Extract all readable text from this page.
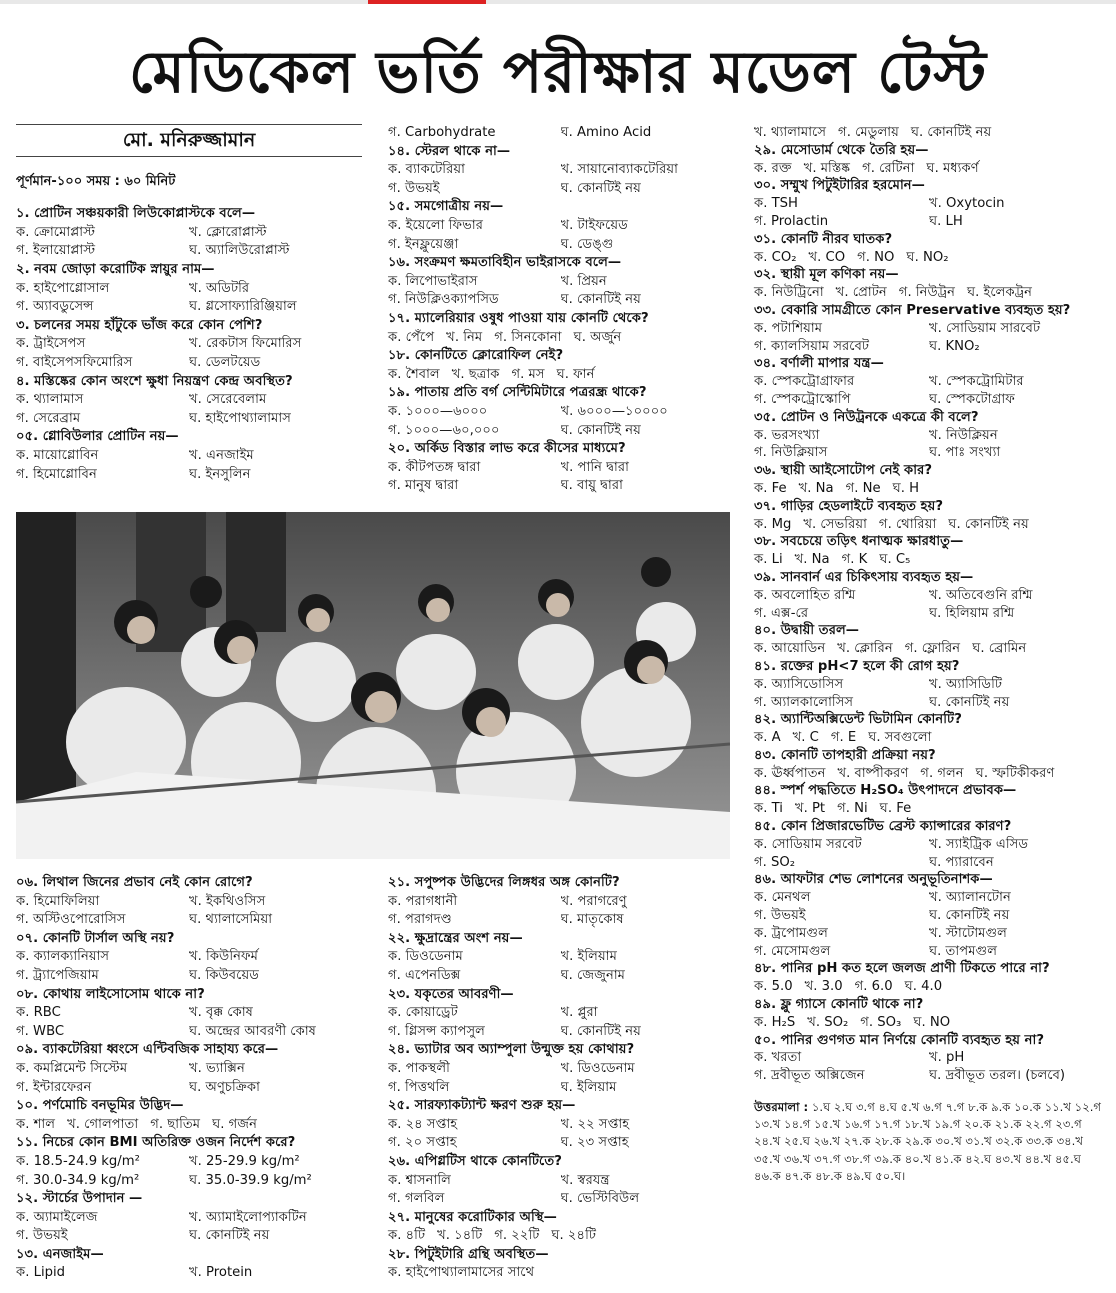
মেডিকেল ভর্তি পরীক্ষার মডেল টেস্ট
মো. মনিরুজ্জামান
পূর্ণমান-১০০ সময় : ৬০ মিনিট
১. প্রোটিন সঞ্চয়কারী লিউকোপ্লাস্টকে বলে—
ক. ক্রোমোপ্লাস্ট	খ. ক্লোরোপ্লাস্ট
গ. ইলায়োপ্লাস্ট	ঘ. অ্যালিউরোপ্লাস্ট
২. নবম জোড়া করোটিক স্নায়ুর নাম—
ক. হাইপোগ্লোসাল	খ. অডিটরি
গ. অ্যাবডুসেন্স	ঘ. গ্লসোফ্যারিঞ্জিয়াল
৩. চলনের সময় হাঁটুকে ভাঁজ করে কোন পেশি?
ক. ট্রাইসেপস	খ. রেকটাস ফিমোরিস
গ. বাইসেপসফিমোরিস	ঘ. ডেলটয়েড
৪. মস্তিষ্কের কোন অংশে ক্ষুধা নিয়ন্ত্রণ কেন্দ্র অবস্থিত?
ক. থ্যালামাস	খ. সেরেবেলাম
গ. সেরেব্রাম	ঘ. হাইপোথ্যালামাস
০৫. গ্লোবিউলার প্রোটিন নয়—
ক. মায়োগ্লোবিন	খ. এনজাইম
গ. হিমোগ্লোবিন	ঘ. ইনসুলিন
গ. Carbohydrate	ঘ. Amino Acid
১৪. স্টেরল থাকে না—
ক. ব্যাকটেরিয়া	খ. সায়ানোব্যাকটেরিয়া
গ. উভয়ই	ঘ. কোনটিই নয়
১৫. সমগোত্রীয় নয়—
ক. ইয়েলো ফিভার	খ. টাইফয়েড
গ. ইনফ্লুয়েঞ্জা	ঘ. ডেঙ্গু
১৬. সংক্রমণ ক্ষমতাবিহীন ভাইরাসকে বলে—
ক. লিপোভাইরাস	খ. প্রিয়ন
গ. নিউক্লিওক্যাপসিড	ঘ. কোনটিই নয়
১৭. ম্যালেরিয়ার ওষুধ পাওয়া যায় কোনটি থেকে?
ক. পেঁপে খ. নিম গ. সিনকোনা ঘ. অর্জুন
১৮. কোনটিতে ক্লোরোফিল নেই?
ক. শৈবাল খ. ছত্রাক গ. মস ঘ. ফার্ন
১৯. পাতায় প্রতি বর্গ সেন্টিমিটারে পত্ররন্ধ্র থাকে?
ক. ১০০০—৬০০০	খ. ৬০০০—১০০০০
গ. ১০০০—৬০,০০০	ঘ. কোনটিই নয়
২০. অর্কিড বিস্তার লাভ করে কীসের মাধ্যমে?
ক. কীটপতঙ্গ দ্বারা	খ. পানি দ্বারা
গ. মানুষ দ্বারা	ঘ. বায়ু দ্বারা
খ. থ্যালামাসে গ. মেডুলায় ঘ. কোনটিই নয়
২৯. মেসোডার্ম থেকে তৈরি হয়—
ক. রক্ত খ. মস্তিষ্ক গ. রেটিনা ঘ. মধ্যকর্ণ
৩০. সম্মুখ পিটুইটারির হরমোন—
ক. TSH	খ. Oxytocin
গ. Prolactin	ঘ. LH
৩১. কোনটি নীরব ঘাতক?
ক. CO₂ খ. CO গ. NO ঘ. NO₂
৩২. স্থায়ী মূল কণিকা নয়—
ক. নিউট্রিনো খ. প্রোটন গ. নিউট্রন ঘ. ইলেকট্রন
৩৩. বেকারি সামগ্রীতে কোন Preservative ব্যবহৃত হয়?
ক. পটাশিয়াম	খ. সোডিয়াম সারবেট
গ. ক্যালসিয়াম সরবেট	ঘ. KNO₂
৩৪. বর্ণালী মাপার যন্ত্র—
ক. স্পেকট্রোগ্রাফার	খ. স্পেকট্রোমিটার
গ. স্পেকট্রোস্কোপি	ঘ. স্পেকটোগ্রাফ
৩৫. প্রোটন ও নিউট্রনকে একত্রে কী বলে?
ক. ভরসংখ্যা	খ. নিউক্লিয়ন
গ. নিউক্লিয়াস	ঘ. পাঃ সংখ্যা
৩৬. স্থায়ী আইসোটোপ নেই কার?
ক. Fe খ. Na গ. Ne ঘ. H
৩৭. গাড়ির হেডলাইটে ব্যবহৃত হয়?
ক. Mg খ. সেভরিয়া গ. থোরিয়া ঘ. কোনটিই নয়
৩৮. সবচেয়ে তড়িৎ ধনাত্মক ক্ষারধাতু—
ক. Li খ. Na গ. K ঘ. C₅
৩৯. সানবার্ন এর চিকিৎসায় ব্যবহৃত হয়—
ক. অবলোহিত রশ্মি	খ. অতিবেগুনি রশ্মি
গ. এক্স-রে	ঘ. হিলিয়াম রশ্মি
৪০. উদ্বায়ী তরল—
ক. আয়োডিন খ. ক্লোরিন গ. ফ্লোরিন ঘ. ব্রোমিন
৪১. রক্তের pH<7 হলে কী রোগ হয়?
ক. অ্যাসিডোসিস	খ. অ্যাসিডিটি
গ. অ্যালকালোসিস	ঘ. কোনটিই নয়
৪২. অ্যান্টিঅক্সিডেন্ট ভিটামিন কোনটি?
ক. A খ. C গ. E ঘ. সবগুলো
৪৩. কোনটি তাপহারী প্রক্রিয়া নয়?
ক. ঊর্ধ্বপাতন খ. বাষ্পীকরণ গ. গলন ঘ. স্ফটিকীকরণ
৪৪. স্পর্শ পদ্ধতিতে H₂SO₄ উৎপাদনে প্রভাবক—
ক. Ti খ. Pt গ. Ni ঘ. Fe
৪৫. কোন প্রিজারভেটিভ ব্রেস্ট ক্যান্সারের কারণ?
ক. সোডিয়াম সরবেট	খ. স্যাইট্রিক এসিড
গ. SO₂	ঘ. প্যারাবেন
৪৬. আফটার শেভ লোশনের অনুভূতিনাশক—
ক. মেনথল	খ. অ্যালানটোন
গ. উভয়ই	ঘ. কোনটিই নয়
ক. ট্রপোমগুল	খ. স্টাটোমগুল
গ. মেসোমগুল	ঘ. তাপমগুল
৪৮. পানির pH কত হলে জলজ প্রাণী টিকতে পারে না?
ক. 5.0 খ. 3.0 গ. 6.0 ঘ. 4.0
৪৯. ফ্লু গ্যাসে কোনটি থাকে না?
ক. H₂S খ. SO₂ গ. SO₃ ঘ. NO
৫০. পানির গুণগত মান নির্ণয়ে কোনটি ব্যবহৃত হয় না?
ক. খরতা	খ. pH
গ. দ্রবীভূত অক্সিজেন	ঘ. দ্রবীভূত তরল। (চলবে)
উত্তরমালা : ১.ঘ ২.ঘ ৩.গ ৪.ঘ ৫.খ ৬.গ ৭.গ ৮.ক ৯.ক ১০.ক ১১.খ ১২.গ ১৩.খ ১৪.গ ১৫.খ ১৬.গ ১৭.গ ১৮.খ ১৯.গ ২০.ক ২১.ক ২২.গ ২৩.গ ২৪.খ ২৫.ঘ ২৬.খ ২৭.ক ২৮.ক ২৯.ক ৩০.খ ৩১.খ ৩২.ক ৩৩.ক ৩৪.খ ৩৫.খ ৩৬.খ ৩৭.গ ৩৮.গ ৩৯.ক ৪০.খ ৪১.ক ৪২.ঘ ৪৩.খ ৪৪.খ ৪৫.ঘ ৪৬.ক ৪৭.ক ৪৮.ক ৪৯.ঘ ৫০.ঘ।
০৬. লিথাল জিনের প্রভাব নেই কোন রোগে?
ক. হিমোফিলিয়া	খ. ইকথিওসিস
গ. অস্টিওপোরোসিস	ঘ. থ্যালাসেমিয়া
০৭. কোনটি টার্সাল অস্থি নয়?
ক. ক্যালক্যানিয়াস	খ. কিউনিফর্ম
গ. ট্র্যাপেজিয়াম	ঘ. কিউবয়েড
০৮. কোথায় লাইসোসোম থাকে না?
ক. RBC	খ. বৃক্ক কোষ
গ. WBC	ঘ. অন্দ্রের আবরণী কোষ
০৯. ব্যাকটেরিয়া ধ্বংসে এন্টিবজিক সাহায্য করে—
ক. কমপ্লিমেন্ট সিস্টেম	খ. ভ্যাক্সিন
গ. ইন্টারফেরন	ঘ. অণুচক্রিকা
১০. পর্ণমোচি বনভূমির উদ্ভিদ—
ক. শাল খ. গোলপাতা গ. ছাতিম ঘ. গর্জন
১১. নিচের কোন BMI অতিরিক্ত ওজন নির্দেশ করে?
ক. 18.5-24.9 kg/m²	খ. 25-29.9 kg/m²
গ. 30.0-34.9 kg/m²	ঘ. 35.0-39.9 kg/m²
১২. স্টার্চের উপাদান —
ক. অ্যামাইলেজ	খ. অ্যামাইলোপ্যাকটিন
গ. উভয়ই	ঘ. কোনটিই নয়
১৩. এনজাইম—
ক. Lipid	খ. Protein
২১. সপুষ্পক উদ্ভিদের লিঙ্গধর অঙ্গ কোনটি?
ক. পরাগধানী	খ. পরাগরেণু
গ. পরাগদণ্ড	ঘ. মাতৃকোষ
২২. ক্ষুদ্রান্ত্রের অংশ নয়—
ক. ডিওডেনাম	খ. ইলিয়াম
গ. এপেনডিক্স	ঘ. জেজুনাম
২৩. যকৃতের আবরণী—
ক. কোয়াড্রেট	খ. প্লুরা
গ. গ্লিসন্স ক্যাপসুল	ঘ. কোনটিই নয়
২৪. ভ্যাটার অব অ্যাম্পুলা উন্মুক্ত হয় কোথায়?
ক. পাকস্থলী	খ. ডিওডেনাম
গ. পিত্তথলি	ঘ. ইলিয়াম
২৫. সারফ্যাকট্যান্ট ক্ষরণ শুরু হয়—
ক. ২৪ সপ্তাহ	খ. ২২ সপ্তাহ
গ. ২০ সপ্তাহ	ঘ. ২৩ সপ্তাহ
২৬. এপিগ্লটিস থাকে কোনটিতে?
ক. শ্বাসনালি	খ. স্বরযন্ত্র
গ. গলবিল	ঘ. ভেস্টিবিউল
২৭. মানুষের করোটিকার অস্থি—
ক. ৪টি খ. ১৪টি গ. ২২টি ঘ. ২৪টি
২৮. পিটুইটারি গ্রন্থি অবস্থিত—
ক. হাইপোথ্যালামাসের সাথে
